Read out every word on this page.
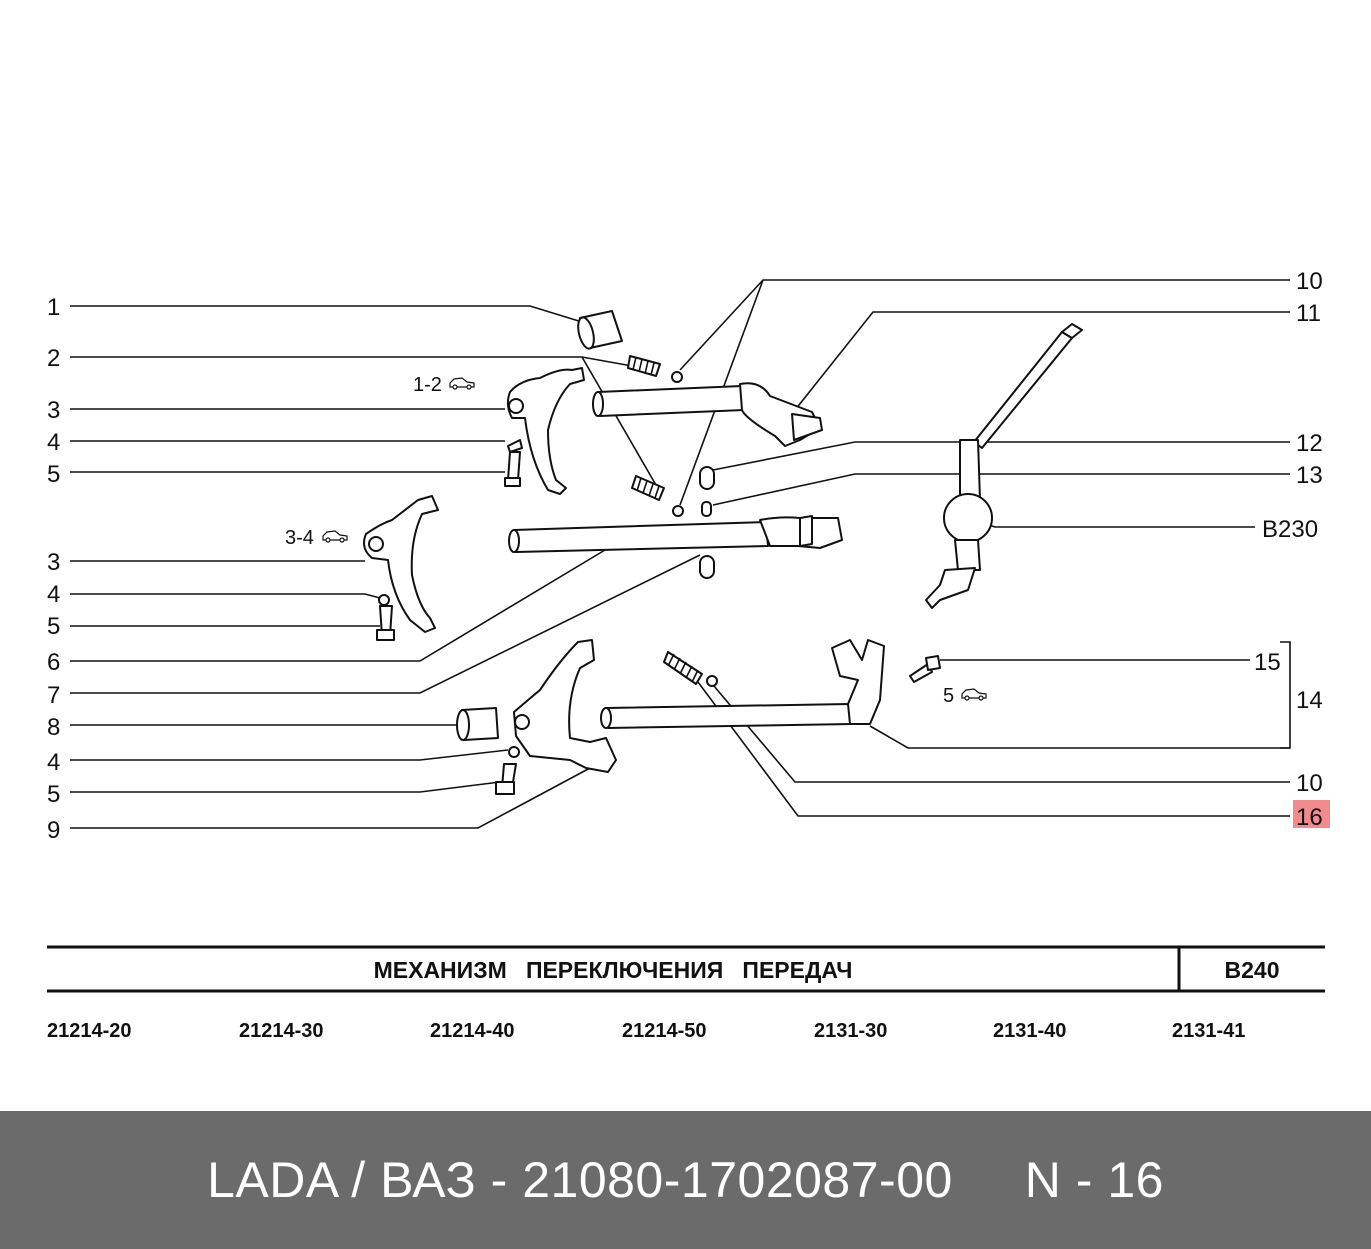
1
2
3
4
5
3
4
5
6
7
8
4
5
9
10
11
12
13
B230
15
14
10
16
1-2
3-4
5
МЕХАНИЗМ   ПЕРЕКЛЮЧЕНИЯ   ПЕРЕДАЧ	B240
21214-20	21214-30	21214-40	21214-50	2131-30	2131-40	2131-41
LADA / ВАЗ - 21080-1702087-00     N - 16
